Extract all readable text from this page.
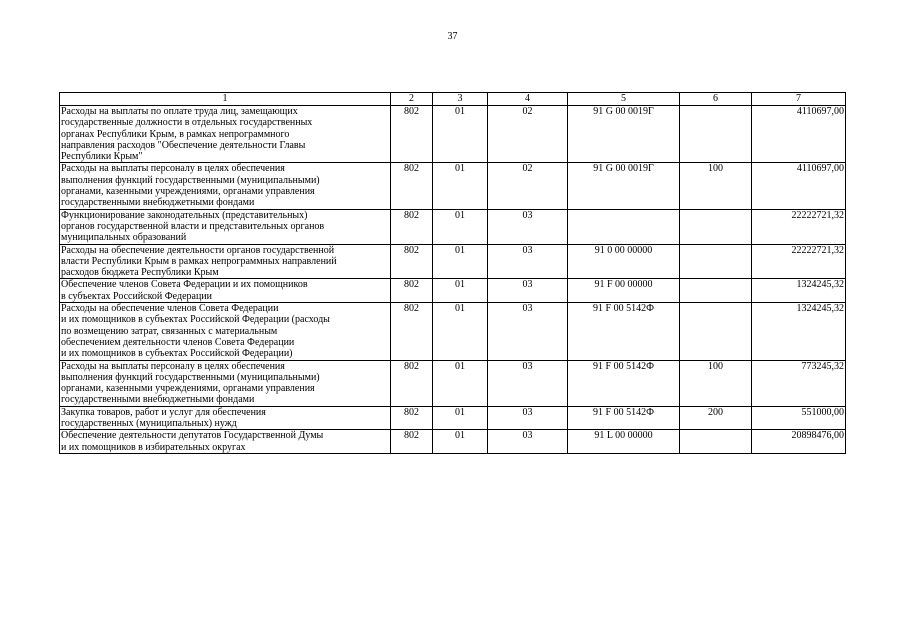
37
1	2	3	4	5	6	7
Расходы на выплаты по оплате труда лиц, замещающих
государственные должности в отдельных государственных
органах Республики Крым, в рамках непрограммного
направления расходов "Обеспечение деятельности Главы
Республики Крым"	802	01	02	91 G 00 0019Г		4110697,00
Расходы на выплаты персоналу в целях обеспечения
выполнения функций государственными (муниципальными)
органами, казенными учреждениями, органами управления
государственными внебюджетными фондами	802	01	02	91 G 00 0019Г	100	4110697,00
Функционирование законодательных (представительных)
органов государственной власти и представительных органов
муниципальных образований	802	01	03			22222721,32
Расходы на обеспечение деятельности органов государственной
власти Республики Крым в рамках непрограммных направлений
расходов бюджета Республики Крым	802	01	03	91 0 00 00000		22222721,32
Обеспечение членов Совета Федерации и их помощников
в субъектах Российской Федерации	802	01	03	91 F 00 00000		1324245,32
Расходы на обеспечение членов Совета Федерации
и их помощников в субъектах Российской Федерации (расходы
по возмещению затрат, связанных с материальным
обеспечением деятельности членов Совета Федерации
и их помощников в субъектах Российской Федерации)	802	01	03	91 F 00 5142Ф		1324245,32
Расходы на выплаты персоналу в целях обеспечения
выполнения функций государственными (муниципальными)
органами, казенными учреждениями, органами управления
государственными внебюджетными фондами	802	01	03	91 F 00 5142Ф	100	773245,32
Закупка товаров, работ и услуг для обеспечения
государственных (муниципальных) нужд	802	01	03	91 F 00 5142Ф	200	551000,00
Обеспечение деятельности депутатов Государственной Думы
и их помощников в избирательных округах	802	01	03	91 L 00 00000		20898476,00
